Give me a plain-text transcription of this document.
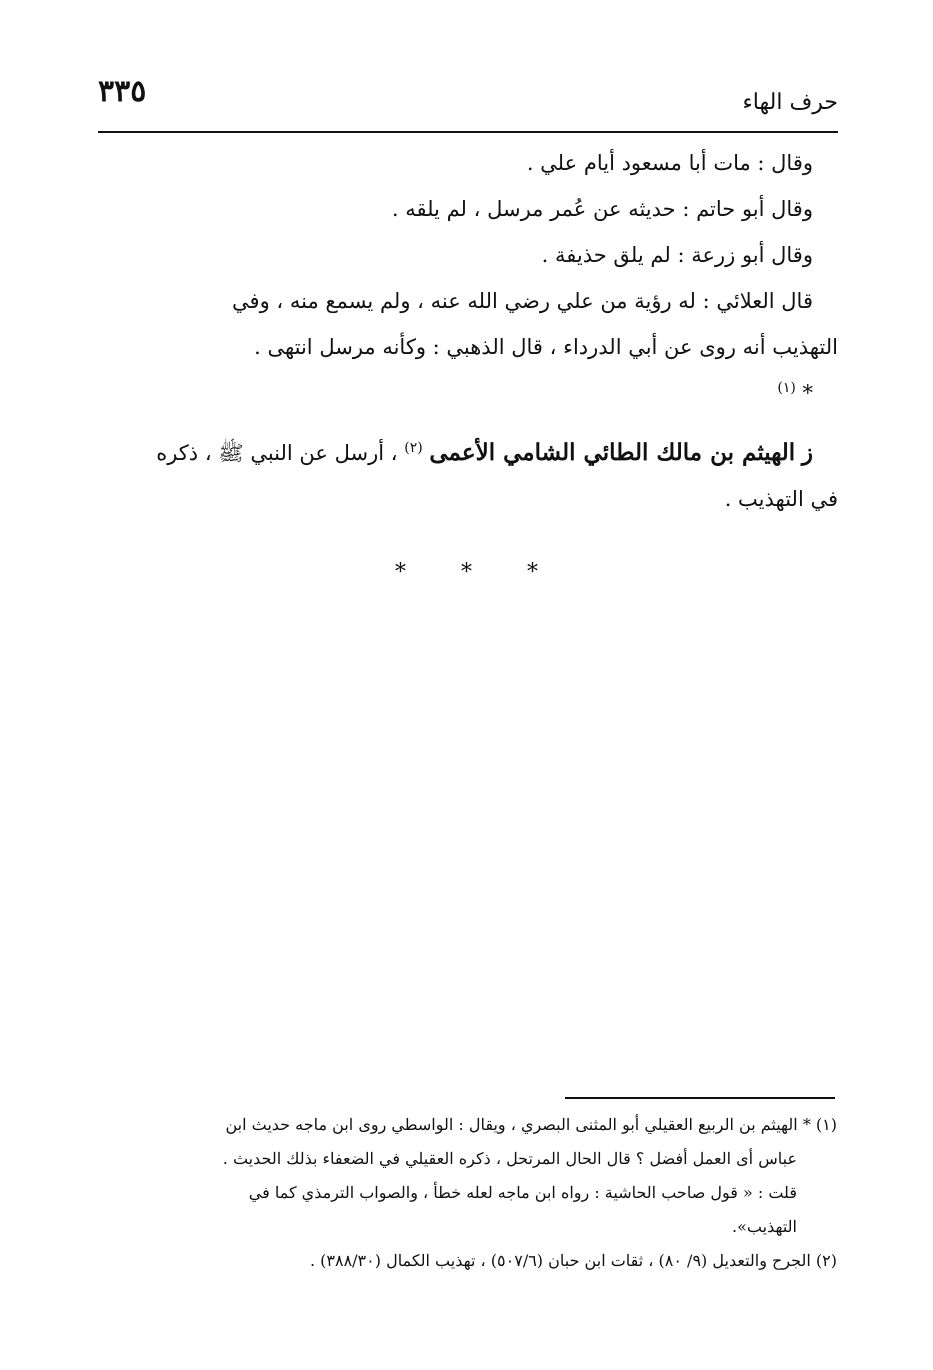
٣٣٥	حرف الهاء

وقال : مات أبا مسعود أيام علي .

وقال أبو حاتم : حديثه عن عُمر مرسل ، لم يلقه .

وقال أبو زرعة : لم يلق حذيفة .

قال العلائي : له رؤية من علي رضي الله عنه ، ولم يسمع منه ، وفي

التهذيب أنه روى عن أبي الدرداء ، قال الذهبي : وكأنه مرسل انتهى .

* $^{(١)}$

ز الهيثم بن مالك الطائي الشامي الأعمى $^{(٢)}$ ، أرسل عن النبي ﷺ ، ذكره

في التهذيب .

*	*	*

(١) * الهيثم بن الربيع العقيلي أبو المثنى البصري ، ويقال : الواسطي روى ابن ماجه حديث ابن

عباس أى العمل أفضل ؟ قال الحال المرتحل ، ذكره العقيلي في الضعفاء بذلك الحديث .

قلت : « قول صاحب الحاشية : رواه ابن ماجه لعله خطأ ، والصواب الترمذي كما في

التهذيب».

(٢) الجرح والتعديل (٩/ ٨٠) ، ثقات ابن حبان (٥٠٧/٦) ، تهذيب الكمال (٣٨٨/٣٠) .
